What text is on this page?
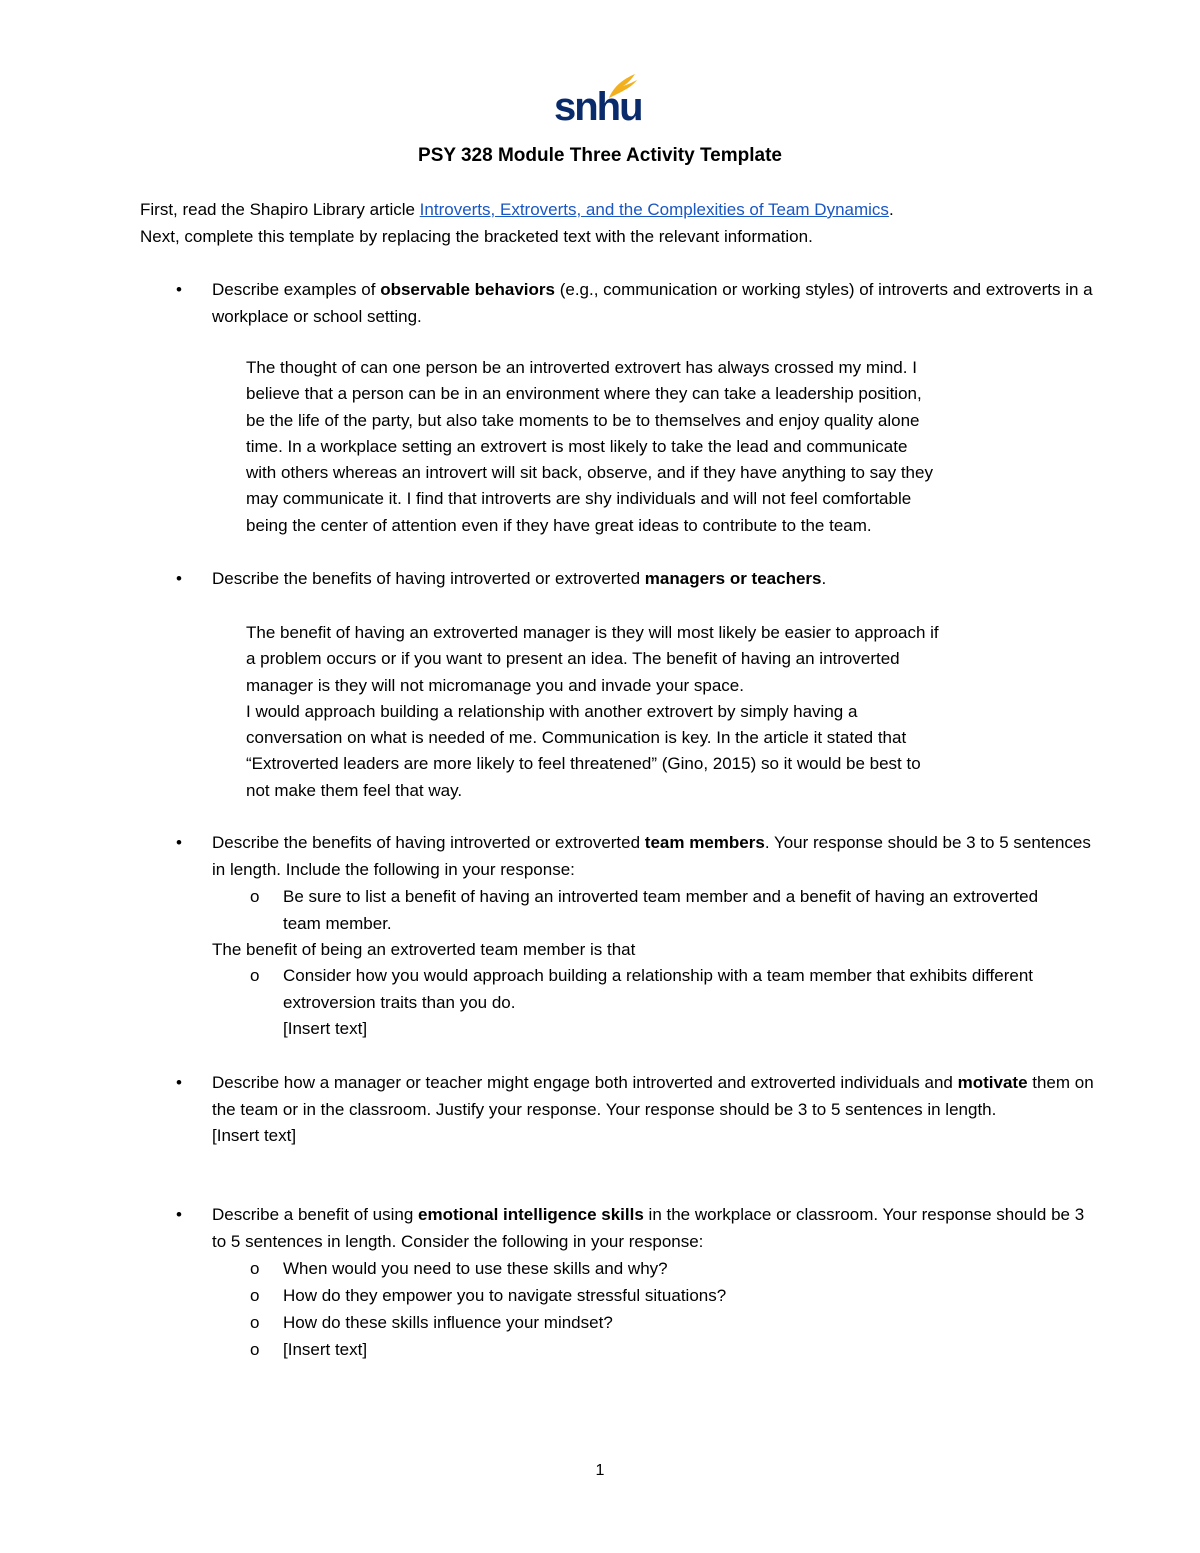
snhu
PSY 328 Module Three Activity Template
First, read the Shapiro Library article Introverts, Extroverts, and the Complexities of Team Dynamics.
Next, complete this template by replacing the bracketed text with the relevant information.
• Describe examples of observable behaviors (e.g., communication or working styles) of introverts and extroverts in a workplace or school setting.
The thought of can one person be an introverted extrovert has always crossed my mind. I
believe that a person can be in an environment where they can take a leadership position,
be the life of the party, but also take moments to be to themselves and enjoy quality alone
time. In a workplace setting an extrovert is most likely to take the lead and communicate
with others whereas an introvert will sit back, observe, and if they have anything to say they
may communicate it. I find that introverts are shy individuals and will not feel comfortable
being the center of attention even if they have great ideas to contribute to the team.
• Describe the benefits of having introverted or extroverted managers or teachers.
The benefit of having an extroverted manager is they will most likely be easier to approach if
a problem occurs or if you want to present an idea. The benefit of having an introverted
manager is they will not micromanage you and invade your space.
I would approach building a relationship with another extrovert by simply having a
conversation on what is needed of me. Communication is key. In the article it stated that
“Extroverted leaders are more likely to feel threatened” (Gino, 2015) so it would be best to
not make them feel that way.
• Describe the benefits of having introverted or extroverted team members. Your response should be 3 to 5 sentences in length. Include the following in your response:
o Be sure to list a benefit of having an introverted team member and a benefit of having an extroverted team member.
The benefit of being an extroverted team member is that
o Consider how you would approach building a relationship with a team member that exhibits different extroversion traits than you do.
[Insert text]
• Describe how a manager or teacher might engage both introverted and extroverted individuals and motivate them on the team or in the classroom. Justify your response. Your response should be 3 to 5 sentences in length.
[Insert text]
• Describe a benefit of using emotional intelligence skills in the workplace or classroom. Your response should be 3 to 5 sentences in length. Consider the following in your response:
o When would you need to use these skills and why?
o How do they empower you to navigate stressful situations?
o How do these skills influence your mindset?
o [Insert text]
1
